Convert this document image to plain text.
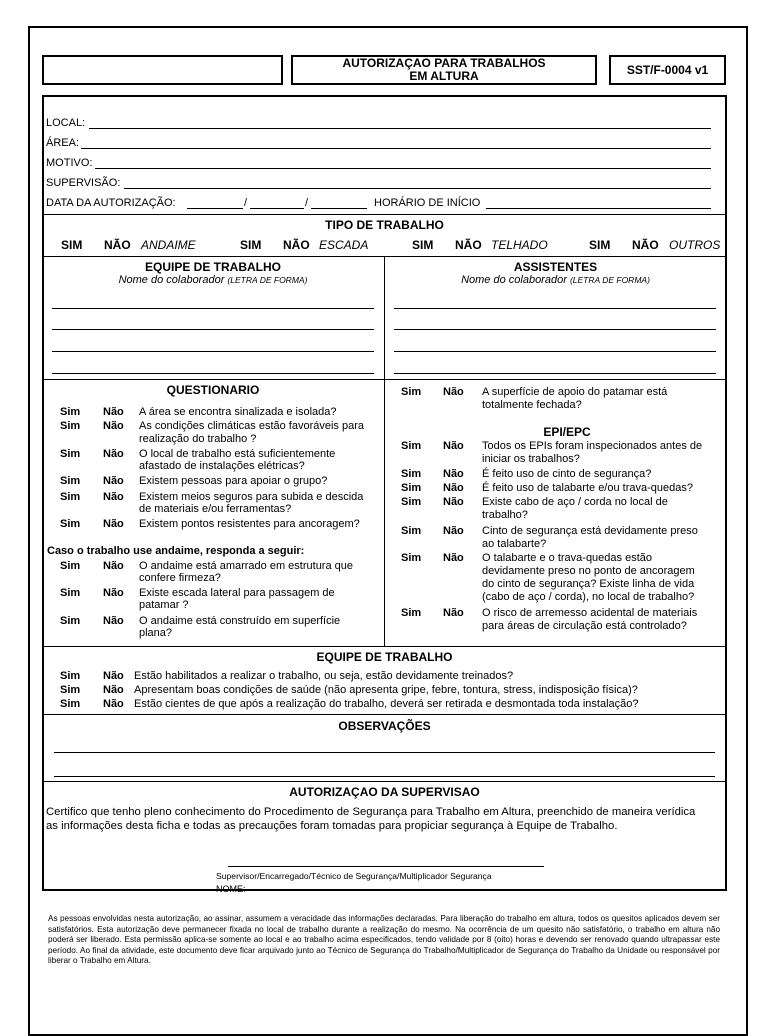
AUTORIZAÇAO PARA TRABALHOS
EM ALTURA	SST/F-0004 v1
LOCAL:
ÁREA:
MOTIVO:
SUPERVISÃO:
DATA DA AUTORIZAÇÃO:	/	/	HORÁRIO DE INÍCIO
TIPO DE TRABALHO
SIM NÃO ANDAIME	SIM NÃO ESCADA	SIM NÃO TELHADO	SIM NÃO OUTROS
EQUIPE DE TRABALHO
Nome do colaborador (LETRA DE FORMA)
ASSISTENTES
Nome do colaborador (LETRA DE FORMA)
QUESTIONARIO
Sim Não A área se encontra sinalizada e isolada?
Sim Não As condições climáticas estão favoráveis para
realização do trabalho ?
Sim Não O local de trabalho está suficientemente
afastado de instalações elétricas?
Sim Não Existem pessoas para apoiar o grupo?
Sim Não Existem meios seguros para subida e descida
de materiais e/ou ferramentas?
Sim Não Existem pontos resistentes para ancoragem?
Caso o trabalho use andaime, responda a seguir:
Sim Não O andaime está amarrado em estrutura que
confere firmeza?
Sim Não Existe escada lateral para passagem de
patamar ?
Sim Não O andaime está construído em superfície
plana?
Sim Não A superfície de apoio do patamar está
totalmente fechada?
EPI/EPC
Sim Não Todos os EPIs foram inspecionados antes de
iniciar os trabalhos?
Sim Não É feito uso de cinto de segurança?
Sim Não É feito uso de talabarte e/ou trava-quedas?
Sim Não Existe cabo de aço / corda no local de
trabalho?
Sim Não Cinto de segurança está devidamente preso
ao talabarte?
Sim Não O talabarte e o trava-quedas estão
devidamente preso no ponto de ancoragem
do cinto de segurança? Existe linha de vida
(cabo de aço / corda), no local de trabalho?
Sim Não O risco de arremesso acidental de materiais
para áreas de circulação está controlado?
EQUIPE DE TRABALHO
Sim Não Estão habilitados a realizar o trabalho, ou seja, estão devidamente treinados?
Sim Não Apresentam boas condições de saúde (não apresenta gripe, febre, tontura, stress, indisposição física)?
Sim Não Estão cientes de que após a realização do trabalho, deverá ser retirada e desmontada toda instalação?
OBSERVAÇÕES
AUTORIZAÇAO DA SUPERVISAO
Certifico que tenho pleno conhecimento do Procedimento de Segurança para Trabalho em Altura, preenchido de maneira verídica
as informações desta ficha e todas as precauções foram tomadas para propiciar segurança à Equipe de Trabalho.
Supervisor/Encarregado/Técnico de Segurança/Multiplicador Segurança
NOME:
As pessoas envolvidas nesta autorização, ao assinar, assumem a veracidade das informações declaradas. Para liberação do trabalho em altura, todos os quesitos aplicados devem ser satisfatórios. Esta autorização deve permanecer fixada no local de trabalho durante a realização do mesmo. Na ocorrência de um quesito não satisfatório, o trabalho em altura não poderá ser liberado. Esta permissão aplica-se somente ao local e ao trabalho acima especificados, tendo validade por 8 (oito) horas e devendo ser renovado quando ultrapassar este período. Ao final da atividade, este documento deve ficar arquivado junto ao Técnico de Segurança do Trabalho/Multiplicador de Segurança do Trabalho da Unidade ou responsável por liberar o Trabalho em Altura.
